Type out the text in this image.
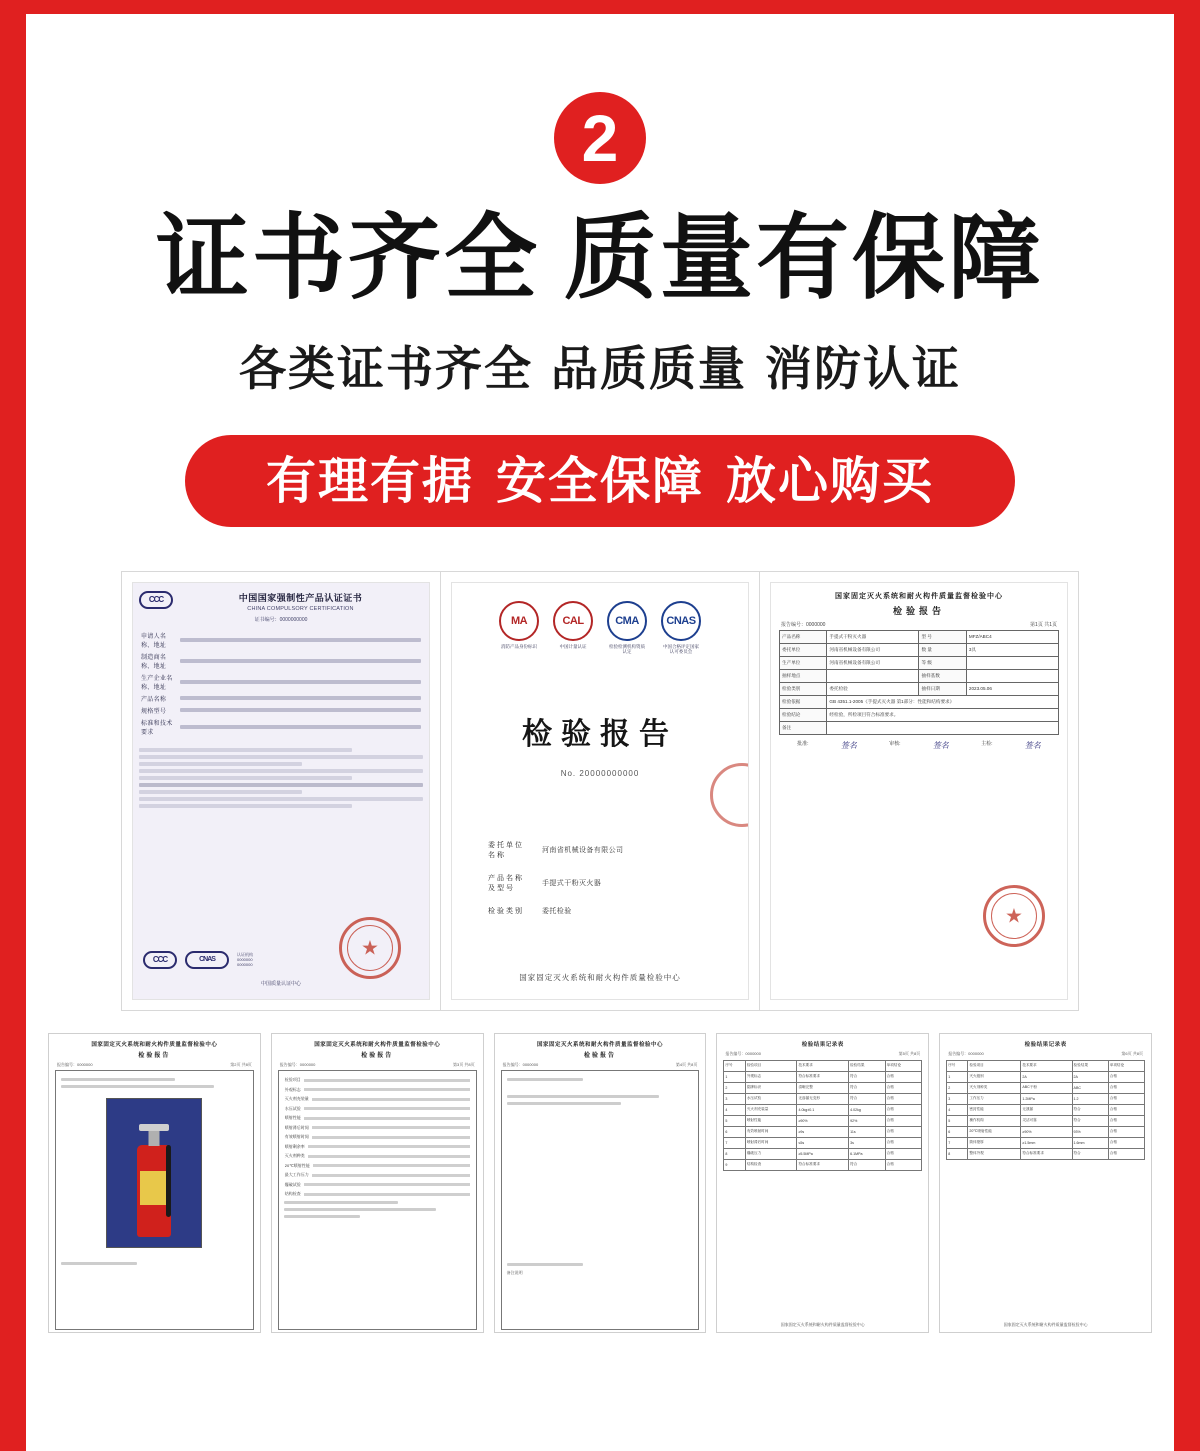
2
证书齐全 质量有保障
各类证书齐全 品质质量 消防认证
有理有据 安全保障 放心购买
CCC	中国国家强制性产品认证证书
CHINA COMPULSORY CERTIFICATION
证书编号：0000000000
申请人名称、地址
制造商名称、地址
生产企业名称、地址
产品名称
规格型号
标准和技术要求
CCC	CNAS
认证机构
0000000
0000000
★
中国质量认证中心
MA	CAL	CMA	CNAS
消防产品身份标识	中国计量认证	检验检测机构资质认定
中国合格评定国家认可委员会
检验报告
No. 20000000000
委托单位名称
河南省机械设备有限公司
产品名称及型号
手提式干粉灭火器
检验类别	委托检验
国家固定灭火系统和耐火构件质量检验中心
国家固定灭火系统和耐火构件质量监督检验中心
检验报告
报告编号：0000000	第1页 共1页
产品名称	手提式干粉灭火器	型 号	MFZ/ABC4
委托单位	河南省机械设备有限公司	数 量	3具
生产单位	河南省机械设备有限公司	等 级	
抽样地点		抽样基数	
检验类别	委托检验	抽样日期	2023.05.06
检验依据	GB 4351.1-2005《手提式灭火器 第1部分：性能和结构要求》		
检验结论	经检验，所检项目符合标准要求。		
备注			
★
批准:	签名	审核:	签名	主检:	签名
国家固定灭火系统和耐火构件质量监督检验中心
检验报告
报告编号：0000000	第2页 共8页
国家固定灭火系统和耐火构件质量监督检验中心
检验报告
报告编号：0000000	第3页 共8页
检验项目
外观标志
灭火剂充装量
水压试验
喷射性能
喷射滞后时间
有效喷射时间
喷射剩余率
灭火剂种类
20℃喷射性能
最大工作压力
爆破试验
结构检查
国家固定灭火系统和耐火构件质量监督检验中心
检验报告
报告编号：0000000	第4页 共8页
备注说明
检验结果记录表
报告编号：0000000	第5页 共8页
序号	检验项目	技术要求	检验结果	单项结论
1	外观标志	符合标准要求	符合	合格
2	铭牌标识	清晰完整	符合	合格
3	水压试验	无渗漏无变形	符合	合格
4	灭火剂充装量	4.0kg±0.1	4.02kg	合格
5	喷射性能	≥90%	92%	合格
6	有效喷射时间	≥9s	11s	合格
7	喷射滞后时间	≤5s	3s	合格
8	爆破压力	≥5.5MPa	6.1MPa	合格
9	结构检查	符合标准要求	符合	合格
国家固定灭火系统和耐火构件质量监督检验中心
检验结果记录表
报告编号：0000000	第6页 共8页
序号	检验项目	技术要求	检验结果	单项结论
1	灭火级别	2A	2A	合格
2	灭火剂种类	ABC干粉	ABC	合格
3	工作压力	1.2MPa	1.2	合格
4	密封性能	无泄漏	符合	合格
5	操作机构	灵活可靠	符合	合格
6	20℃喷射性能	≥90%	93%	合格
7	筒体壁厚	≥1.5mm	1.6mm	合格
8	整体外观	符合标准要求	符合	合格
国家固定灭火系统和耐火构件质量监督检验中心
